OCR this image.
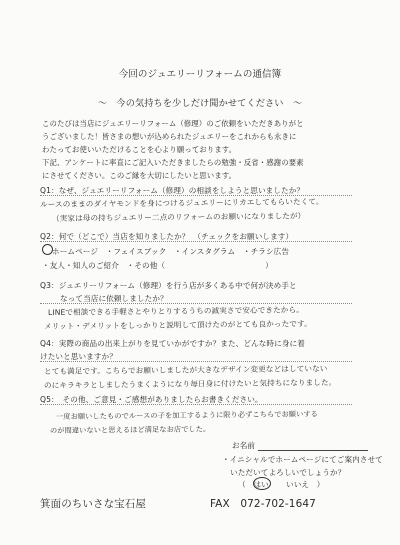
今回のジュエリーリフォームの通信簿
～　今の気持ちを少しだけ聞かせてください　～
このたびは当店にジュエリーリフォーム（修理）のご依頼をいただきありがと
うございました！皆さまの想いが込められたジュエリーをこれからも永きに
わたってお使いいただけることを心より願っております。
下記、アンケートに率直にご記入いただきましたらの勉強・反省・感謝の要素
にさせてください。このご縁を大切にしたいと思います。
Q1：なぜ、ジュエリーリフォーム（修理）の相談をしようと思いましたか？
ルースのままのダイヤモンドを身につけるジュエリーにリカエしてもらいたくて。
（実家は母の持ちジュエリー二点のリフォームのお願いになりましたが）
Q2：何で（どこで）当店を知りましたか？　（チェックをお願いします）
ホームページ　・フェイスブック　・インスタグラム　・チラシ広告
・友人・知人のご紹介　・その他（　　　　　　　　　　　　　）
Q3：ジュエリーリフォーム（修理）を行う店が多くある中で何が決め手と
なって当店に依頼しましたか？
LINEで相談できる手軽さとやりとりするうちの誠実さで安心できたから。
メリット・デメリットをしっかりと説明して頂けたのがとても良かったです。
Q4：実際の商品の出来上がりを見ていかがですか？また、どんな時に身に着
けたいと思いますか？
とても満足です。こちらでお願いしましたが大きなデザイン変更などはしていない
のにキラキラとしましたうまくようになり毎日身に付けたいと気持ちになりました。
Q5：　その他、ご意見・ご感想がありましたらお書きください。
一度お願いしたものでルースの子を加工するように限り必ずこちらでお願いする
のが間違いないと思えるほど満足なお店でした。
お名前
・イニシャルでホームページにてご案内させて
いただいてよろしいでしょうか？
（　はい いいえ　）
箕面のちいさな宝石屋	FAX　072-702-1647
